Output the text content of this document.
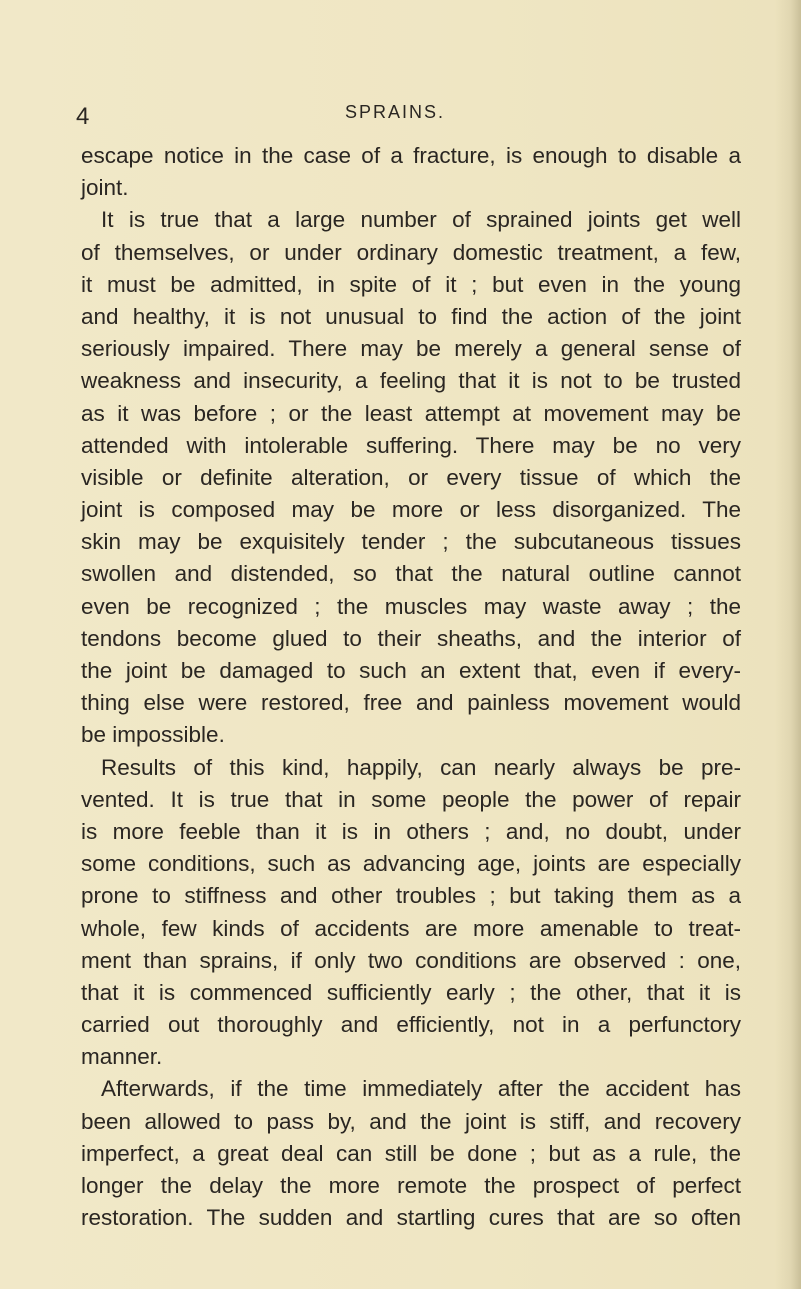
4	SPRAINS.
escape notice in the case of a fracture, is enough to disable a
joint.
It is true that a large number of sprained joints get well
of themselves, or under ordinary domestic treatment, a few,
it must be admitted, in spite of it ; but even in the young
and healthy, it is not unusual to find the action of the joint
seriously impaired. There may be merely a general sense of
weakness and insecurity, a feeling that it is not to be trusted
as it was before ; or the least attempt at movement may be
attended with intolerable suffering. There may be no very
visible or definite alteration, or every tissue of which the
joint is composed may be more or less disorganized. The
skin may be exquisitely tender ; the subcutaneous tissues
swollen and distended, so that the natural outline cannot
even be recognized ; the muscles may waste away ; the
tendons become glued to their sheaths, and the interior of
the joint be damaged to such an extent that, even if every-
thing else were restored, free and painless movement would
be impossible.
Results of this kind, happily, can nearly always be pre-
vented. It is true that in some people the power of repair
is more feeble than it is in others ; and, no doubt, under
some conditions, such as advancing age, joints are especially
prone to stiffness and other troubles ; but taking them as a
whole, few kinds of accidents are more amenable to treat-
ment than sprains, if only two conditions are observed : one,
that it is commenced sufficiently early ; the other, that it is
carried out thoroughly and efficiently, not in a perfunctory
manner.
Afterwards, if the time immediately after the accident has
been allowed to pass by, and the joint is stiff, and recovery
imperfect, a great deal can still be done ; but as a rule, the
longer the delay the more remote the prospect of perfect
restoration. The sudden and startling cures that are so often
